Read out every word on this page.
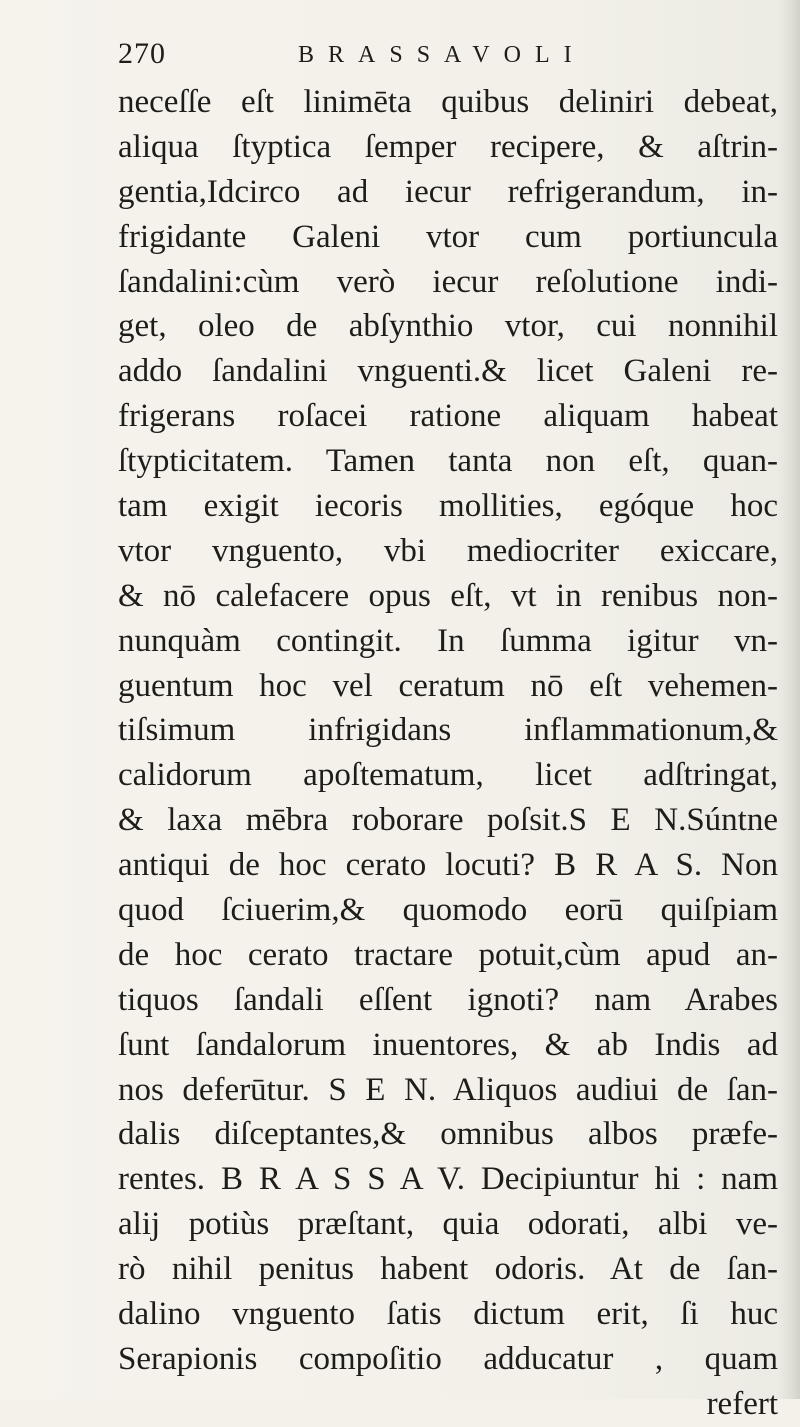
270	BRASSAVOLI
neceſſe eſt linimēta quibus deliniri debeat,
aliqua ſtyptica ſemper recipere, & aſtrin-
gentia,Idcirco ad iecur refrigerandum, in-
frigidante Galeni vtor cum portiuncula
ſandalini:cùm verò iecur reſolutione indi-
get, oleo de abſynthio vtor, cui nonnihil
addo ſandalini vnguenti.& licet Galeni re-
frigerans roſacei ratione aliquam habeat
ſtypticitatem. Tamen tanta non eſt, quan-
tam exigit iecoris mollities, egóque hoc
vtor vnguento, vbi mediocriter exiccare,
& nō calefacere opus eſt, vt in renibus non-
nunquàm contingit. In ſumma igitur vn-
guentum hoc vel ceratum nō eſt vehemen-
tiſsimum infrigidans inflammationum,&
calidorum apoſtematum, licet adſtringat,
& laxa mēbra roborare poſsit.S E N.Súntne
antiqui de hoc cerato locuti? B R A S. Non
quod ſciuerim,& quomodo eorū quiſpiam
de hoc cerato tractare potuit,cùm apud an-
tiquos ſandali eſſent ignoti? nam Arabes
ſunt ſandalorum inuentores, & ab Indis ad
nos deferūtur. S E N. Aliquos audiui de ſan-
dalis diſceptantes,& omnibus albos præfe-
rentes. B R A S S A V. Decipiuntur hi : nam
alij potiùs præſtant, quia odorati, albi ve-
rò nihil penitus habent odoris. At de ſan-
dalino vnguento ſatis dictum erit, ſi huc
Serapionis compoſitio adducatur , quam
refert
